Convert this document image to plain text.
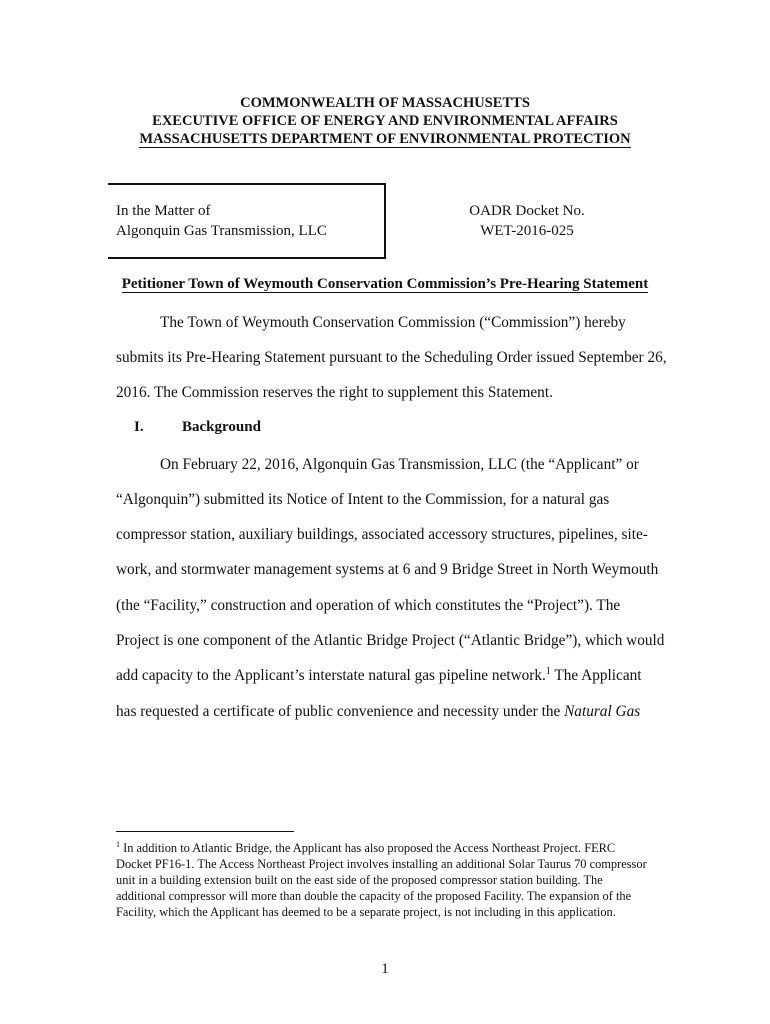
COMMONWEALTH OF MASSACHUSETTS
EXECUTIVE OFFICE OF ENERGY AND ENVIRONMENTAL AFFAIRS
MASSACHUSETTS DEPARTMENT OF ENVIRONMENTAL PROTECTION
In the Matter of
Algonquin Gas Transmission, LLC
OADR Docket No.
WET-2016-025
Petitioner Town of Weymouth Conservation Commission’s Pre-Hearing Statement
The Town of Weymouth Conservation Commission (“Commission”) hereby
submits its Pre-Hearing Statement pursuant to the Scheduling Order issued September 26,
2016. The Commission reserves the right to supplement this Statement.
I.	Background
On February 22, 2016, Algonquin Gas Transmission, LLC (the “Applicant” or
“Algonquin”) submitted its Notice of Intent to the Commission, for a natural gas
compressor station, auxiliary buildings, associated accessory structures, pipelines, site-
work, and stormwater management systems at 6 and 9 Bridge Street in North Weymouth
(the “Facility,” construction and operation of which constitutes the “Project”). The
Project is one component of the Atlantic Bridge Project (“Atlantic Bridge”), which would
add capacity to the Applicant’s interstate natural gas pipeline network.$^1$ The Applicant
has requested a certificate of public convenience and necessity under the Natural Gas
$^1$ In addition to Atlantic Bridge, the Applicant has also proposed the Access Northeast Project. FERC
Docket PF16-1. The Access Northeast Project involves installing an additional Solar Taurus 70 compressor
unit in a building extension built on the east side of the proposed compressor station building. The
additional compressor will more than double the capacity of the proposed Facility. The expansion of the
Facility, which the Applicant has deemed to be a separate project, is not including in this application.
1
